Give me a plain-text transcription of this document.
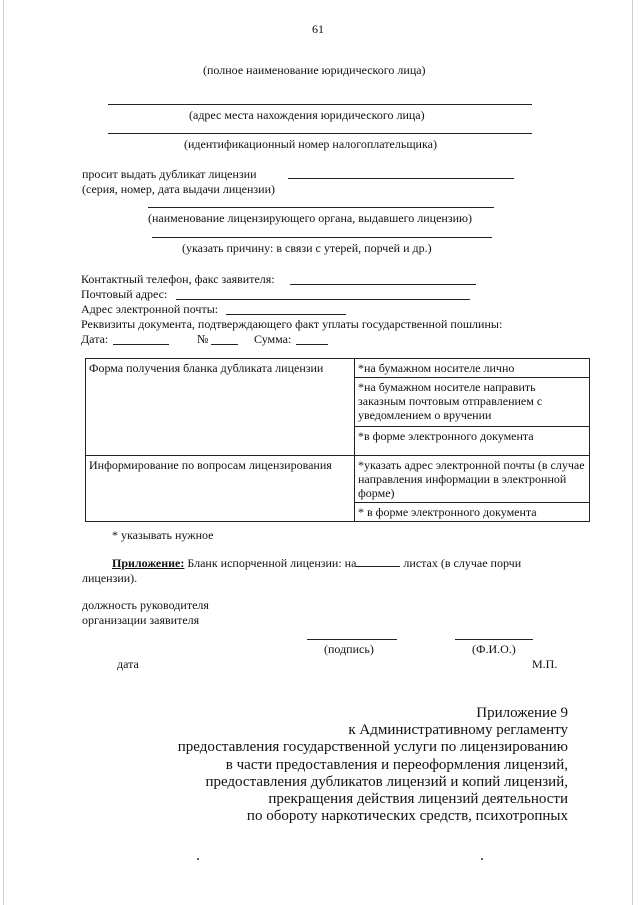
61
(полное наименование юридического лица)
(адрес места нахождения юридического лица)
(идентификационный номер налогоплательщика)
просит выдать дубликат лицензии
(серия, номер, дата выдачи лицензии)
(наименование лицензирующего органа, выдавшего лицензию)
(указать причину: в связи с утерей, порчей и др.)
Контактный телефон, факс заявителя:
Почтовый адрес:
Адрес электронной почты:
Реквизиты документа, подтверждающего факт уплаты государственной пошлины:
Дата:	№	Сумма:
Форма получения бланка дубликата лицензии	*на бумажном носителе лично
	*на бумажном носителе направить заказным почтовым отправлением с уведомлением о вручении
	*в форме электронного документа
Информирование по вопросам лицензирования	*указать адрес электронной почты (в случае направления информации в электронной форме)
	* в форме электронного документа
* указывать нужное
Приложение: Бланк испорченной лицензии: на	листах (в случае порчи
лицензии).
должность руководителя
организации заявителя
(подпись)	(Ф.И.О.)
дата	М.П.
Приложение 9
к Административному регламенту
предоставления государственной услуги по лицензированию
в части предоставления и переоформления лицензий,
предоставления дубликатов лицензий и копий лицензий,
прекращения действия лицензий деятельности
по обороту наркотических средств, психотропных
